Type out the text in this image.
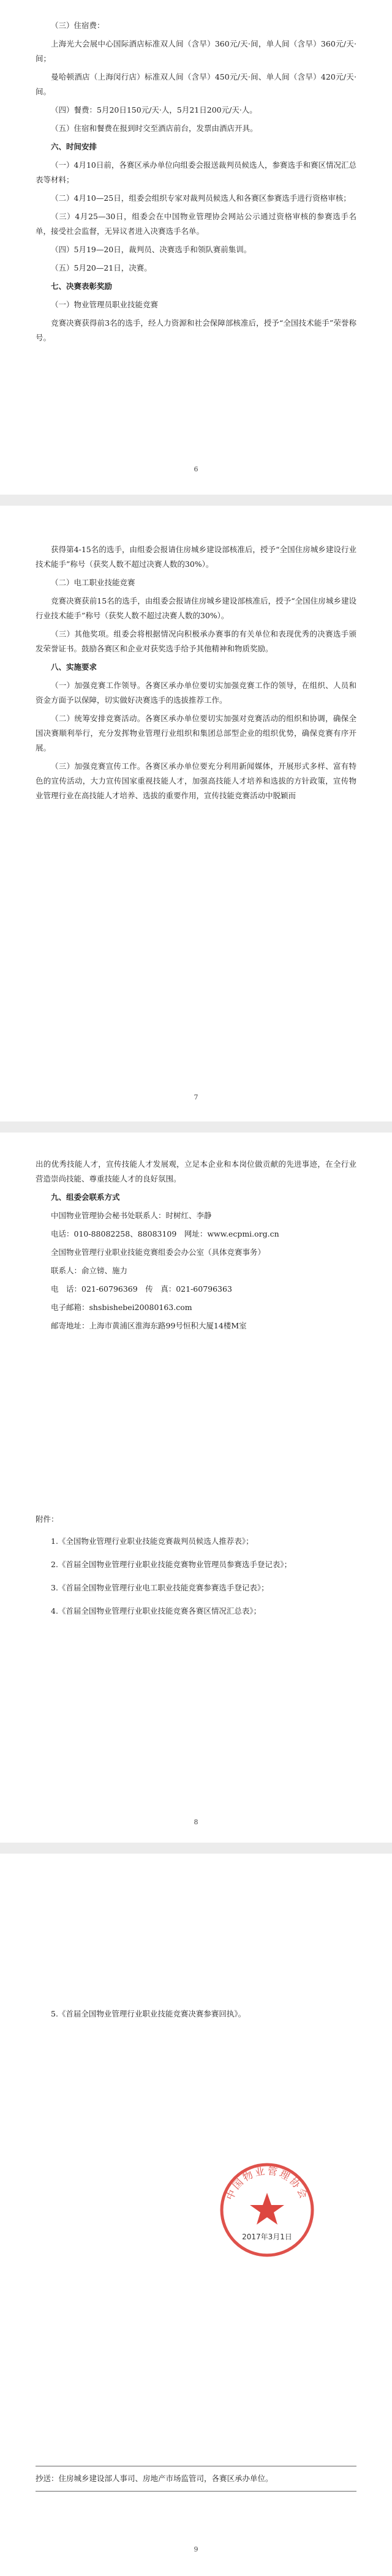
（三）住宿费：
上海光大会展中心国际酒店标准双人间（含早）360元/天·间，单人间（含早）360元/天·间；
曼哈顿酒店（上海闵行店）标准双人间（含早）450元/天·间、单人间（含早）420元/天·间。
（四）餐费：5月20日150元/天·人，5月21日200元/天·人。
（五）住宿和餐费在报到时交至酒店前台，发票由酒店开具。
六、时间安排
（一）4月10日前，各赛区承办单位向组委会报送裁判员候选人，参赛选手和赛区情况汇总表等材料；
（二）4月10—25日，组委会组织专家对裁判员候选人和各赛区参赛选手进行资格审核；
（三）4月25—30日，组委会在中国物业管理协会网站公示通过资格审核的参赛选手名单，接受社会监督，无异议者进入决赛选手名单。
（四）5月19—20日，裁判员、决赛选手和领队赛前集训。
（五）5月20—21日，决赛。
七、决赛表彰奖励
（一）物业管理员职业技能竞赛
竞赛决赛获得前3名的选手，经人力资源和社会保障部核准后，授予“全国技术能手”荣誉称号。
6
获得第4-15名的选手，由组委会报请住房城乡建设部核准后，授予“全国住房城乡建设行业技术能手”称号（获奖人数不超过决赛人数的30%）。
（二）电工职业技能竞赛
竞赛决赛获前15名的选手，由组委会报请住房城乡建设部核准后，授予“全国住房城乡建设行业技术能手”称号（获奖人数不超过决赛人数的30%）。
（三）其他奖项。组委会将根据情况向积极承办赛事的有关单位和表现优秀的决赛选手颁发荣誉证书。鼓励各赛区和企业对获奖选手给予其他精神和物质奖励。
八、实施要求
（一）加强竞赛工作领导。各赛区承办单位要切实加强竞赛工作的领导，在组织、人员和资金方面予以保障，切实做好决赛选手的选拔推荐工作。
（二）统筹安排竞赛活动。各赛区承办单位要切实加强对竞赛活动的组织和协调，确保全国决赛顺利举行，充分发挥物业管理行业组织和集团总部型企业的组织优势，确保竞赛有序开展。
（三）加强竞赛宣传工作。各赛区承办单位要充分利用新闻媒体，开展形式多样、富有特色的宣传活动，大力宣传国家重视技能人才，加强高技能人才培养和选拔的方针政策，宣传物业管理行业在高技能人才培养、选拔的重要作用，宣传技能竞赛活动中脱颖而
7
出的优秀技能人才，宣传技能人才发展观，立足本企业和本岗位做贡献的先进事迹，在全行业营造崇尚技能、尊重技能人才的良好氛围。
九、组委会联系方式
中国物业管理协会秘书处联系人：时树红、李静
电话：010-88082258、88083109　网址：www.ecpmi.org.cn
全国物业管理行业职业技能竞赛组委会办公室（具体竞赛事务）
联系人：俞立镑、施力
电　话：021-60796369　传　真：021-60796363
电子邮箱：shsbishebei20080163.com
邮寄地址：上海市黄浦区淮海东路99号恒积大厦14楼M室
附件：
1.《全国物业管理行业职业技能竞赛裁判员候选人推荐表》；
2.《首届全国物业管理行业职业技能竞赛物业管理员参赛选手登记表》；
3.《首届全国物业管理行业电工职业技能竞赛参赛选手登记表》；
4.《首届全国物业管理行业职业技能竞赛各赛区情况汇总表》；
8
5.《首届全国物业管理行业职业技能竞赛决赛参赛回执》。
抄送：住房城乡建设部人事司、房地产市场监管司，各赛区承办单位。
9
中国物业管理协会
2017年3月1日
